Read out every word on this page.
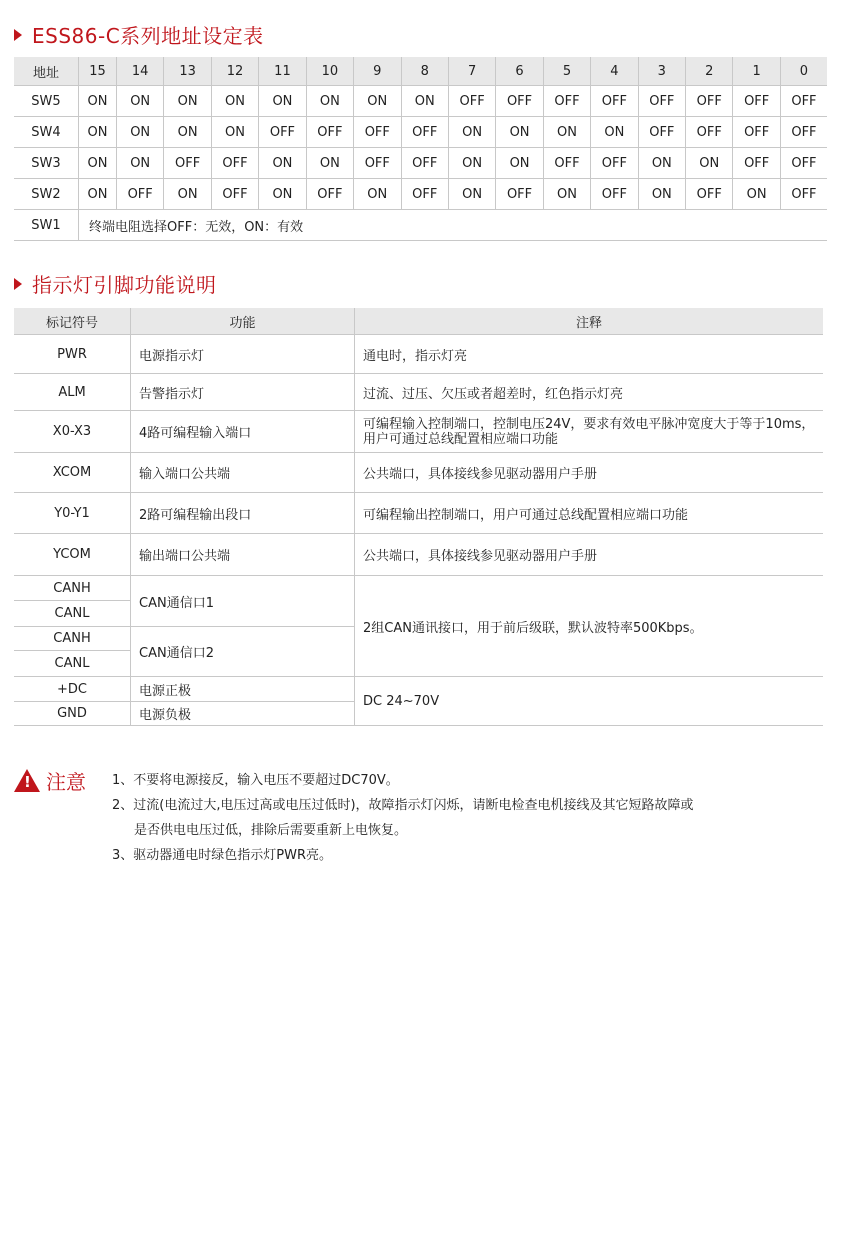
ESS86-C系列地址设定表
地址	15	14	13	12	11	10	9	8	7	6	5	4	3	2	1	0
SW5	ON	ON	ON	ON	ON	ON	ON	ON	OFF	OFF	OFF	OFF	OFF	OFF	OFF	OFF
SW4	ON	ON	ON	ON	OFF	OFF	OFF	OFF	ON	ON	ON	ON	OFF	OFF	OFF	OFF
SW3	ON	ON	OFF	OFF	ON	ON	OFF	OFF	ON	ON	OFF	OFF	ON	ON	OFF	OFF
SW2	ON	OFF	ON	OFF	ON	OFF	ON	OFF	ON	OFF	ON	OFF	ON	OFF	ON	OFF
SW1	终端电阻选择OFF：无效，ON：有效															
指示灯引脚功能说明
标记符号	功能	注释
PWR	电源指示灯	通电时，指示灯亮
ALM	告警指示灯	过流、过压、欠压或者超差时，红色指示灯亮
X0-X3	4路可编程输入端口	可编程输入控制端口，控制电压24V，要求有效电平脉冲宽度大于等于10ms，用户可通过总线配置相应端口功能
XCOM	输入端口公共端	公共端口，具体接线参见驱动器用户手册
Y0-Y1	2路可编程输出段口	可编程输出控制端口，用户可通过总线配置相应端口功能
YCOM	输出端口公共端	公共端口，具体接线参见驱动器用户手册
CANH	CAN通信口1	2组CAN通讯接口，用于前后级联，默认波特率500Kbps。
CANL		
CANH	CAN通信口2	
CANL		
+DC	电源正极	DC 24~70V
GND	电源负极	
! 注意 1、不要将电源接反，输入电压不要超过DC70V。
2、过流(电流过大,电压过高或电压过低时)，故障指示灯闪烁，请断电检查电机接线及其它短路故障或
是否供电电压过低，排除后需要重新上电恢复。
3、驱动器通电时绿色指示灯PWR亮。
